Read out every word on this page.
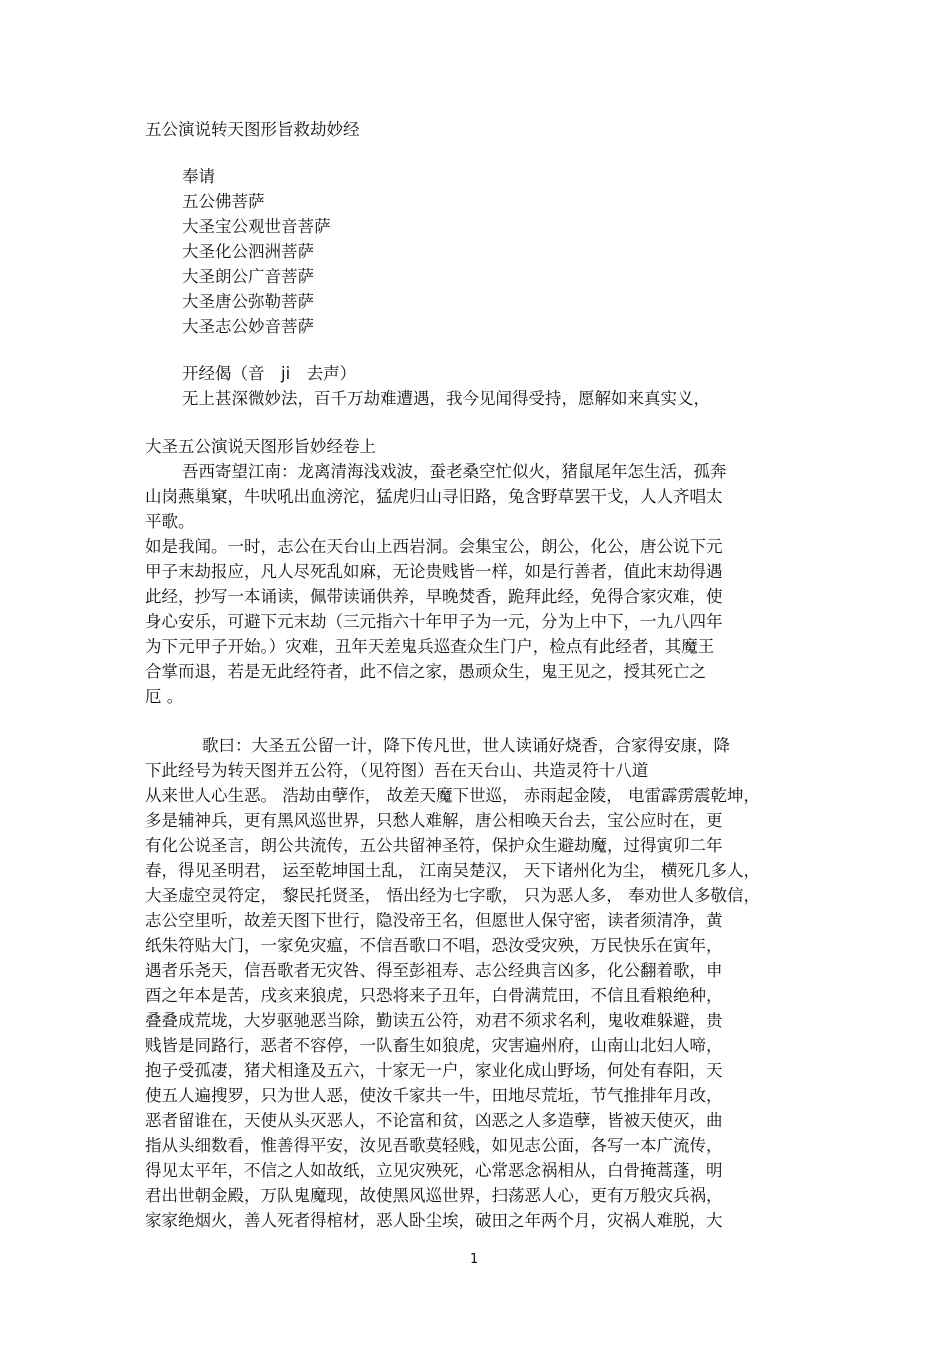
五公演说转天图形旨救劫妙经
奉请
五公佛菩萨
大圣宝公观世音菩萨
大圣化公泗洲菩萨
大圣朗公广音菩萨
大圣唐公弥勒菩萨
大圣志公妙音菩萨
开经偈（音　ji　去声）
无上甚深微妙法，百千万劫难遭遇，我今见闻得受持，愿解如来真实义，
大圣五公演说天图形旨妙经卷上
吾西寄望江南：龙离清海浅戏波，蚕老桑空忙似火，猪鼠尾年怎生活，孤奔
山岗燕巢窠，牛吠吼出血滂沱，猛虎归山寻旧路，兔含野草罢干戈，人人齐唱太
平歌。
如是我闻。一时，志公在天台山上西岩洞。会集宝公，朗公，化公，唐公说下元
甲子末劫报应，凡人尽死乱如麻，无论贵贱皆一样，如是行善者，值此末劫得遇
此经，抄写一本诵读，佩带读诵供养，早晚焚香，跪拜此经，免得合家灾难，使
身心安乐，可避下元末劫（三元指六十年甲子为一元，分为上中下，一九八四年
为下元甲子开始。）灾难，丑年天差鬼兵巡查众生门户，检点有此经者，其魔王
合掌而退，若是无此经符者，此不信之家，愚顽众生，鬼王见之，授其死亡之
厄 。
歌曰：大圣五公留一计，降下传凡世，世人读诵好烧香，合家得安康，降
下此经号为转天图并五公符，（见符图）吾在天台山、共造灵符十八道
从来世人心生恶。 浩劫由孽作， 故差天魔下世巡， 赤雨起金陵， 电雷霹雳震乾坤，
多是辅神兵，更有黑风巡世界，只愁人难解，唐公相唤天台去，宝公应时在，更
有化公说圣言，朗公共流传，五公共留神圣符，保护众生避劫魔，过得寅卯二年
春，得见圣明君， 运至乾坤国土乱， 江南吴楚汉， 天下诸州化为尘， 横死几多人，
大圣虚空灵符定， 黎民托贤圣， 悟出经为七字歌， 只为恶人多， 奉劝世人多敬信，
志公空里听，故差天图下世行，隐没帝王名，但愿世人保守密，读者须清净，黄
纸朱符贴大门，一家免灾瘟，不信吾歌口不唱，恐汝受灾殃，万民快乐在寅年，
遇者乐尧天，信吾歌者无灾咎、得至彭祖寿、志公经典言凶多，化公翻着歌，申
酉之年本是苦，戌亥来狼虎，只恐将来子丑年，白骨满荒田，不信且看粮绝种，
叠叠成荒垅，大岁驱驰恶当除，勤读五公符，劝君不须求名利，鬼收难躲避，贵
贱皆是同路行，恶者不容停，一队畜生如狼虎，灾害遍州府，山南山北妇人啼，
抱子受孤凄，猪犬相逢及五六，十家无一户，家业化成山野场，何处有春阳，天
使五人遍搜罗，只为世人恶，使汝千家共一牛，田地尽荒坵，节气推排年月改，
恶者留谁在，天使从头灭恶人，不论富和贫，凶恶之人多造孽，皆被天使灭，曲
指从头细数看，惟善得平安，汝见吾歌莫轻贱，如见志公面，各写一本广流传，
得见太平年，不信之人如故纸，立见灾殃死，心常恶念祸相从，白骨掩蒿蓬，明
君出世朝金殿，万队鬼魔现，故使黑风巡世界，扫荡恶人心，更有万般灾兵祸，
家家绝烟火，善人死者得棺材，恶人卧尘埃，破田之年两个月，灾祸人难脱，大
1
